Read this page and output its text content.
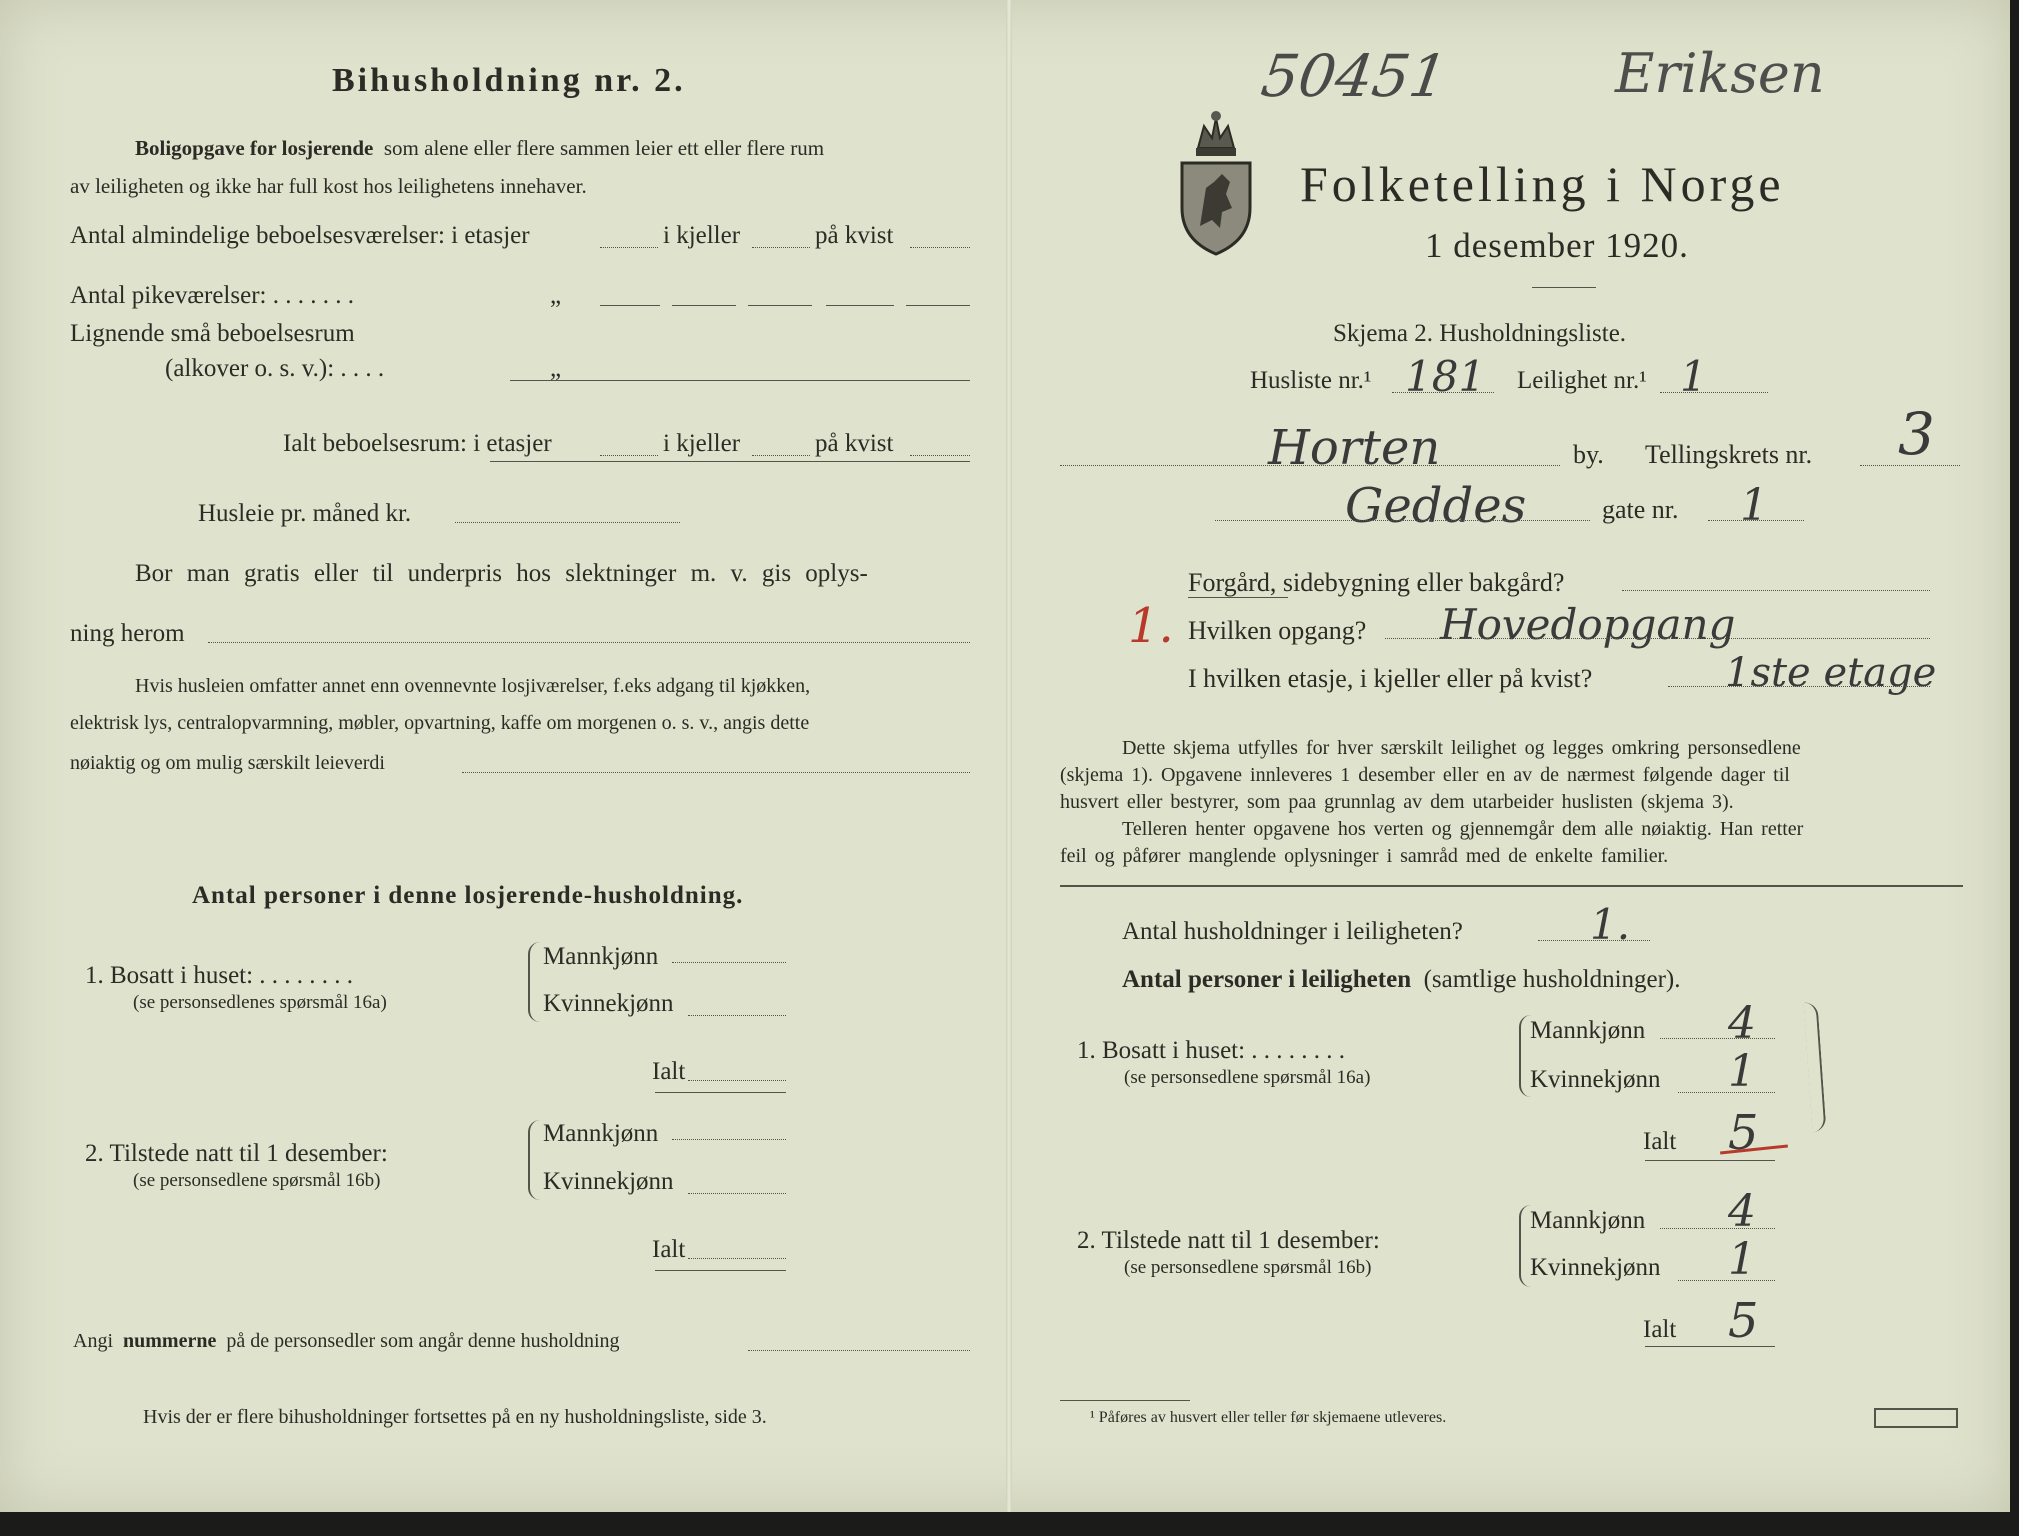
Bihusholdning nr. 2.
Boligopgave for losjerende som alene eller flere sammen leier ett eller flere rum
av leiligheten og ikke har full kost hos leilighetens innehaver.
Antal almindelige beboelsesværelser: i etasjer	i kjeller	på kvist
Antal pikeværelser: . . . . . . .	„
Lignende små beboelsesrum
(alkover o. s. v.): . . . .	„
Ialt beboelsesrum: i etasjer	i kjeller	på kvist
Husleie pr. måned kr.
Bor man gratis eller til underpris hos slektninger m. v. gis oplys-
ning herom
Hvis husleien omfatter annet enn ovennevnte losjiværelser, f.eks adgang til kjøkken,
elektrisk lys, centralopvarmning, møbler, opvartning, kaffe om morgenen o. s. v., angis dette
nøiaktig og om mulig særskilt leieverdi
Antal personer i denne losjerende-husholdning.
1. Bosatt i huset: . . . . . . . .
(se personsedlenes spørsmål 16a)
Mannkjønn
Kvinnekjønn
Ialt
2. Tilstede natt til 1 desember:
(se personsedlene spørsmål 16b)
Mannkjønn
Kvinnekjønn
Ialt
Angi nummerne på de personsedler som angår denne husholdning
Hvis der er flere bihusholdninger fortsettes på en ny husholdningsliste, side 3.
50451	Eriksen
Folketelling i Norge
1 desember 1920.
Skjema 2. Husholdningsliste.
Husliste nr.¹ 181 Leilighet nr.¹ 1
Horten	by. Tellingskrets nr. 3
Geddes	gate nr. 1
Forgård, sidebygning eller bakgård?
1. Hvilken opgang? Hovedopgang
I hvilken etasje, i kjeller eller på kvist?	1ste etage
Dette skjema utfylles for hver særskilt leilighet og legges omkring personsedlene
(skjema 1). Opgavene innleveres 1 desember eller en av de nærmest følgende dager til
husvert eller bestyrer, som paa grunnlag av dem utarbeider huslisten (skjema 3).
Telleren henter opgavene hos verten og gjennemgår dem alle nøiaktig. Han retter
feil og påfører manglende oplysninger i samråd med de enkelte familier.
Antal husholdninger i leiligheten?	1.
Antal personer i leiligheten (samtlige husholdninger).
1. Bosatt i huset: . . . . . . . .
(se personsedlene spørsmål 16a)
Mannkjønn 4
Kvinnekjønn 1
Ialt 5
2. Tilstede natt til 1 desember:
(se personsedlene spørsmål 16b)
Mannkjønn 4
Kvinnekjønn 1
Ialt 5
¹ Påføres av husvert eller teller før skjemaene utleveres.
